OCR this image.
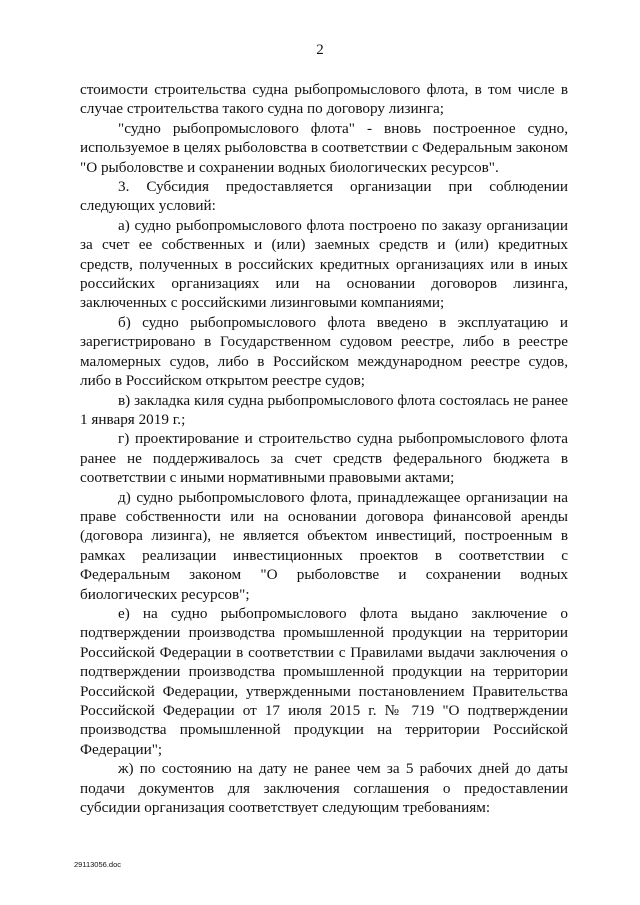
2

стоимости строительства судна рыбопромыслового флота, в том числе в случае строительства такого судна по договору лизинга;

"судно рыбопромыслового флота" - вновь построенное судно, используемое в целях рыболовства в соответствии с Федеральным законом "О рыболовстве и сохранении водных биологических ресурсов".

3. Субсидия предоставляется организации при соблюдении следующих условий:

а) судно рыбопромыслового флота построено по заказу организации за счет ее собственных и (или) заемных средств и (или) кредитных средств, полученных в российских кредитных организациях или в иных российских организациях или на основании договоров лизинга, заключенных с российскими лизинговыми компаниями;

б) судно рыбопромыслового флота введено в эксплуатацию и зарегистрировано в Государственном судовом реестре, либо в реестре маломерных судов, либо в Российском международном реестре судов, либо в Российском открытом реестре судов;

в) закладка киля судна рыбопромыслового флота состоялась не ранее 1 января 2019 г.;

г) проектирование и строительство судна рыбопромыслового флота ранее не поддерживалось за счет средств федерального бюджета в соответствии с иными нормативными правовыми актами;

д) судно рыбопромыслового флота, принадлежащее организации на праве собственности или на основании договора финансовой аренды (договора лизинга), не является объектом инвестиций, построенным в рамках реализации инвестиционных проектов в соответствии с Федеральным законом "О рыболовстве и сохранении водных биологических ресурсов";

е) на судно рыбопромыслового флота выдано заключение о подтверждении производства промышленной продукции на территории Российской Федерации в соответствии с Правилами выдачи заключения о подтверждении производства промышленной продукции на территории Российской Федерации, утвержденными постановлением Правительства Российской Федерации от 17 июля 2015 г. № 719 "О подтверждении производства промышленной продукции на территории Российской Федерации";

ж) по состоянию на дату не ранее чем за 5 рабочих дней до даты подачи документов для заключения соглашения о предоставлении субсидии организация соответствует следующим требованиям:

29113056.doc
